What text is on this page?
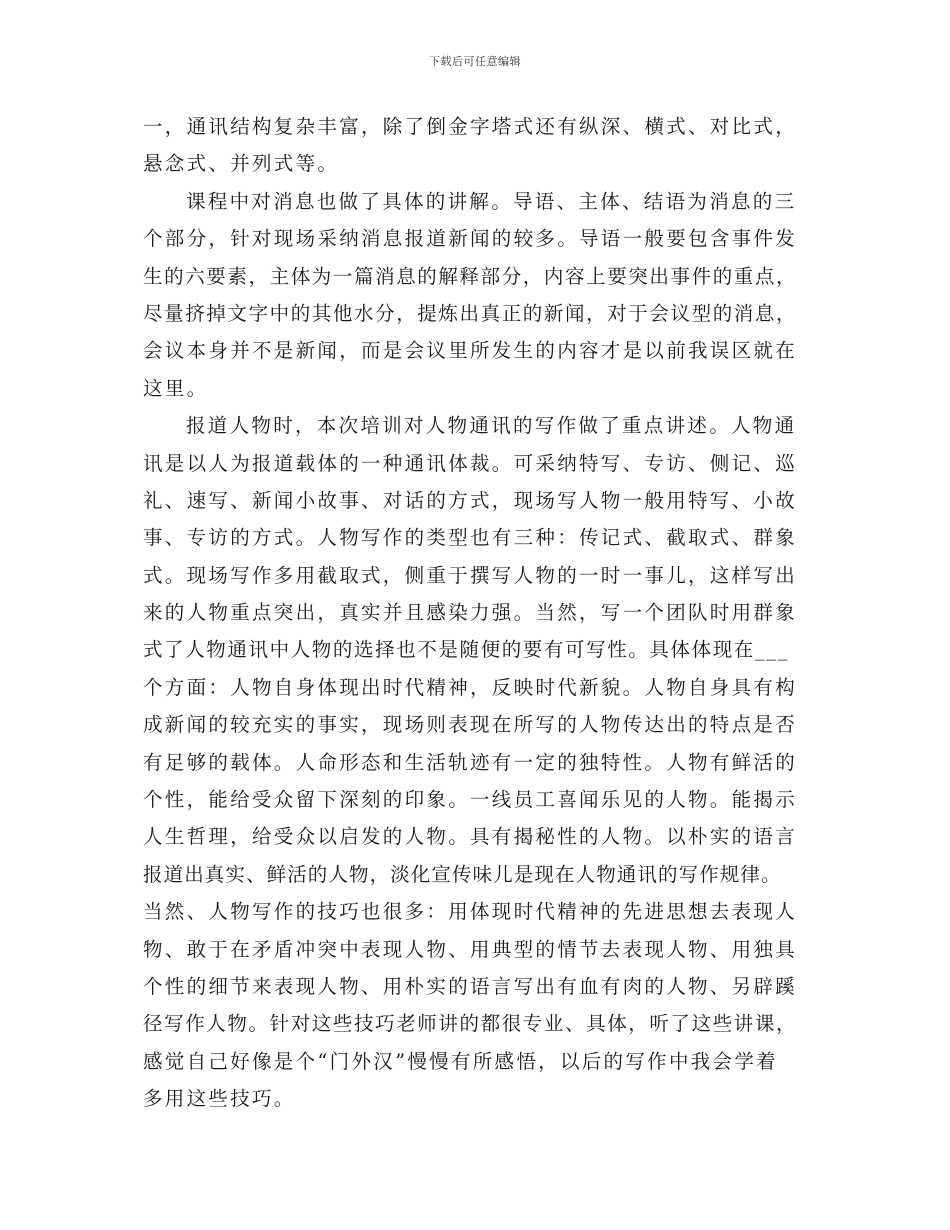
下载后可任意编辑
一，通讯结构复杂丰富，除了倒金字塔式还有纵深、横式、对比式，
悬念式、并列式等。
课程中对消息也做了具体的讲解。导语、主体、结语为消息的三
个部分，针对现场采纳消息报道新闻的较多。导语一般要包含事件发
生的六要素，主体为一篇消息的解释部分，内容上要突出事件的重点，
尽量挤掉文字中的其他水分，提炼出真正的新闻，对于会议型的消息，
会议本身并不是新闻，而是会议里所发生的内容才是以前我误区就在
这里。
报道人物时，本次培训对人物通讯的写作做了重点讲述。人物通
讯是以人为报道载体的一种通讯体裁。可采纳特写、专访、侧记、巡
礼、速写、新闻小故事、对话的方式，现场写人物一般用特写、小故
事、专访的方式。人物写作的类型也有三种：传记式、截取式、群象
式。现场写作多用截取式，侧重于撰写人物的一时一事儿，这样写出
来的人物重点突出，真实并且感染力强。当然，写一个团队时用群象
式了人物通讯中人物的选择也不是随便的要有可写性。具体体现在___
个方面：人物自身体现出时代精神，反映时代新貌。人物自身具有构
成新闻的较充实的事实，现场则表现在所写的人物传达出的特点是否
有足够的载体。人命形态和生活轨迹有一定的独特性。人物有鲜活的
个性，能给受众留下深刻的印象。一线员工喜闻乐见的人物。能揭示
人生哲理，给受众以启发的人物。具有揭秘性的人物。以朴实的语言
报道出真实、鲜活的人物，淡化宣传味儿是现在人物通讯的写作规律。
当然、人物写作的技巧也很多：用体现时代精神的先进思想去表现人
物、敢于在矛盾冲突中表现人物、用典型的情节去表现人物、用独具
个性的细节来表现人物、用朴实的语言写出有血有肉的人物、另辟蹊
径写作人物。针对这些技巧老师讲的都很专业、具体，听了这些讲课，
感觉自己好像是个“门外汉”慢慢有所感悟，以后的写作中我会学着
多用这些技巧。
